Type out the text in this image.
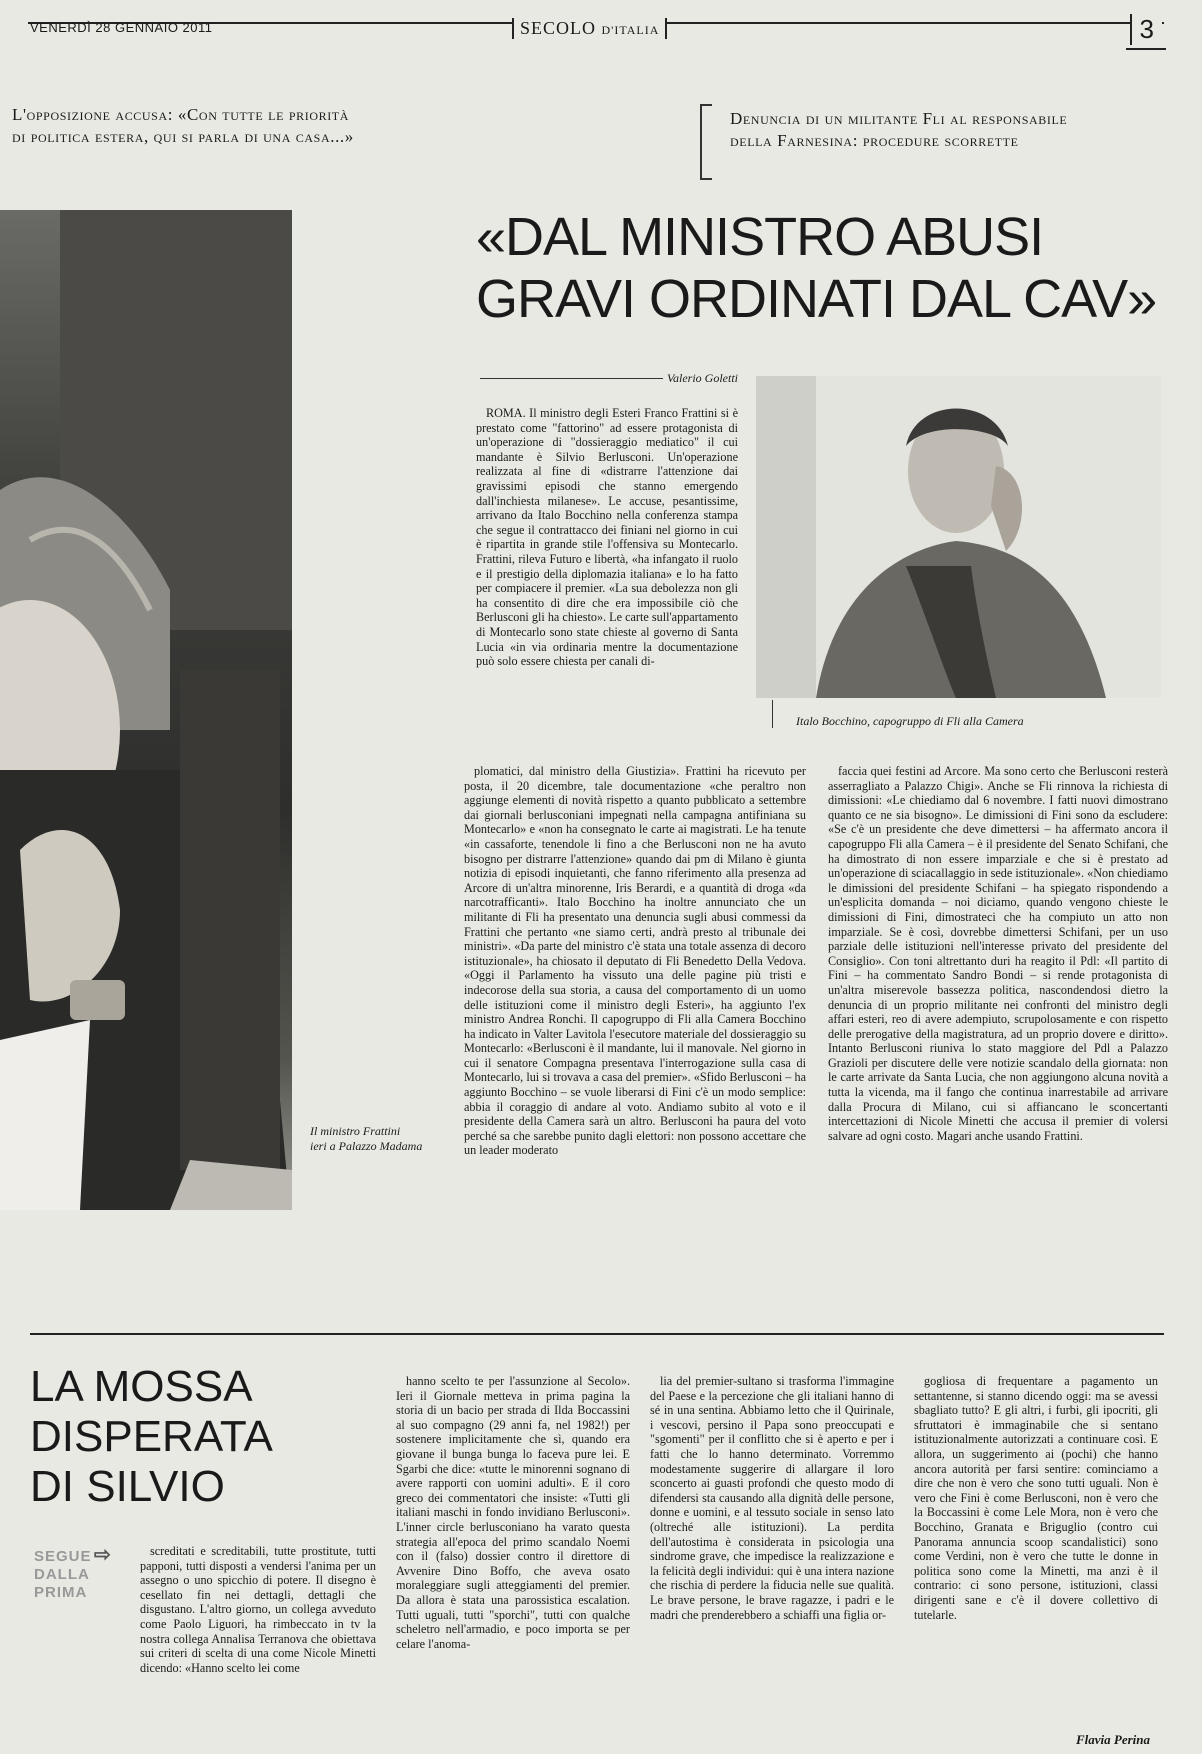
VENERDÌ 28 GENNAIO 2011	SECOLO D'ITALIA	3
L'opposizione accusa: «Con tutte le priorità
di politica estera, qui si parla di una casa...»
Denuncia di un militante Fli al responsabile
della Farnesina: procedure scorrette
Il ministro Frattini
ieri a Palazzo Madama
«DAL MINISTRO ABUSI
GRAVI ORDINATI DAL CAV»
Valerio Goletti
Italo Bocchino, capogruppo di Fli alla Camera

ROMA. Il ministro degli Esteri Franco Frattini si è prestato come "fattorino" ad essere protagonista di un'operazione di "dossieraggio mediatico" il cui mandante è Silvio Berlusconi. Un'operazione realizzata al fine di «distrarre l'attenzione dai gravissimi episodi che stanno emergendo dall'inchiesta milanese». Le accuse, pesantissime, arrivano da Italo Bocchino nella conferenza stampa che segue il contrattacco dei finiani nel giorno in cui è ripartita in grande stile l'offensiva su Montecarlo. Frattini, rileva Futuro e libertà, «ha infangato il ruolo e il prestigio della diplomazia italiana» e lo ha fatto per compiacere il premier. «La sua debolezza non gli ha consentito di dire che era impossibile ciò che Berlusconi gli ha chiesto». Le carte sull'appartamento di Montecarlo sono state chieste al governo di Santa Lucia «in via ordinaria mentre la documentazione può solo essere chiesta per canali di-

plomatici, dal ministro della Giustizia». Frattini ha ricevuto per posta, il 20 dicembre, tale documentazione «che peraltro non aggiunge elementi di novità rispetto a quanto pubblicato a settembre dai giornali berlusconiani impegnati nella campagna antifiniana su Montecarlo» e «non ha consegnato le carte ai magistrati. Le ha tenute «in cassaforte, tenendole li fino a che Berlusconi non ne ha avuto bisogno per distrarre l'attenzione» quando dai pm di Milano è giunta notizia di episodi inquietanti, che fanno riferimento alla presenza ad Arcore di un'altra minorenne, Iris Berardi, e a quantità di droga «da narcotrafficanti». Italo Bocchino ha inoltre annunciato che un militante di Fli ha presentato una denuncia sugli abusi commessi da Frattini che pertanto «ne siamo certi, andrà presto al tribunale dei ministri». «Da parte del ministro c'è stata una totale assenza di decoro istituzionale», ha chiosato il deputato di Fli Benedetto Della Vedova. «Oggi il Parlamento ha vissuto una delle pagine più tristi e indecorose della sua storia, a causa del comportamento di un uomo delle istituzioni come il ministro degli Esteri», ha aggiunto l'ex ministro Andrea Ronchi. Il capogruppo di Fli alla Camera Bocchino ha indicato in Valter Lavitola l'esecutore materiale del dossieraggio su Montecarlo: «Berlusconi è il mandante, lui il manovale. Nel giorno in cui il senatore Compagna presentava l'interrogazione sulla casa di Montecarlo, lui si trovava a casa del premier». «Sfido Berlusconi – ha aggiunto Bocchino – se vuole liberarsi di Fini c'è un modo semplice: abbia il coraggio di andare al voto. Andiamo subito al voto e il presidente della Camera sarà un altro. Berlusconi ha paura del voto perché sa che sarebbe punito dagli elettori: non possono accettare che un leader moderato

faccia quei festini ad Arcore. Ma sono certo che Berlusconi resterà asserragliato a Palazzo Chigi». Anche se Fli rinnova la richiesta di dimissioni: «Le chiediamo dal 6 novembre. I fatti nuovi dimostrano quanto ce ne sia bisogno». Le dimissioni di Fini sono da escludere: «Se c'è un presidente che deve dimettersi – ha affermato ancora il capogruppo Fli alla Camera – è il presidente del Senato Schifani, che ha dimostrato di non essere imparziale e che si è prestato ad un'operazione di sciacallaggio in sede istituzionale». «Non chiediamo le dimissioni del presidente Schifani – ha spiegato rispondendo a un'esplicita domanda – noi diciamo, quando vengono chieste le dimissioni di Fini, dimostrateci che ha compiuto un atto non imparziale. Se è così, dovrebbe dimettersi Schifani, per un uso parziale delle istituzioni nell'interesse privato del presidente del Consiglio». Con toni altrettanto duri ha reagito il Pdl: «Il partito di Fini – ha commentato Sandro Bondi – si rende protagonista di un'altra miserevole bassezza politica, nascondendosi dietro la denuncia di un proprio militante nei confronti del ministro degli affari esteri, reo di avere adempiuto, scrupolosamente e con rispetto delle prerogative della magistratura, ad un proprio dovere e diritto». Intanto Berlusconi riuniva lo stato maggiore del Pdl a Palazzo Grazioli per discutere delle vere notizie scandalo della giornata: non le carte arrivate da Santa Lucia, che non aggiungono alcuna novità a tutta la vicenda, ma il fango che continua inarrestabile ad arrivare dalla Procura di Milano, cui si affiancano le sconcertanti intercettazioni di Nicole Minetti che accusa il premier di volersi salvare ad ogni costo. Magari anche usando Frattini.

LA MOSSA
DISPERATA
DI SILVIO
SEGUE ⇨
DALLA
PRIMA

screditati e screditabili, tutte prostitute, tutti papponi, tutti disposti a vendersi l'anima per un assegno o uno spicchio di potere. Il disegno è cesellato fin nei dettagli, dettagli che disgustano. L'altro giorno, un collega avveduto come Paolo Liguori, ha rimbeccato in tv la nostra collega Annalisa Terranova che obiettava sui criteri di scelta di una come Nicole Minetti dicendo: «Hanno scelto lei come

hanno scelto te per l'assunzione al Secolo». Ieri il Giornale metteva in prima pagina la storia di un bacio per strada di Ilda Boccassini al suo compagno (29 anni fa, nel 1982!) per sostenere implicitamente che sì, quando era giovane il bunga bunga lo faceva pure lei. E Sgarbi che dice: «tutte le minorenni sognano di avere rapporti con uomini adulti». E il coro greco dei commentatori che insiste: «Tutti gli italiani maschi in fondo invidiano Berlusconi». L'inner circle berlusconiano ha varato questa strategia all'epoca del primo scandalo Noemi con il (falso) dossier contro il direttore di Avvenire Dino Boffo, che aveva osato moraleggiare sugli atteggiamenti del premier. Da allora è stata una parossistica escalation. Tutti uguali, tutti "sporchi", tutti con qualche scheletro nell'armadio, e poco importa se per celare l'anoma-

lia del premier-sultano si trasforma l'immagine del Paese e la percezione che gli italiani hanno di sé in una sentina. Abbiamo letto che il Quirinale, i vescovi, persino il Papa sono preoccupati e "sgomenti" per il conflitto che si è aperto e per i fatti che lo hanno determinato. Vorremmo modestamente suggerire di allargare il loro sconcerto ai guasti profondi che questo modo di difendersi sta causando alla dignità delle persone, donne e uomini, e al tessuto sociale in senso lato (oltreché alle istituzioni). La perdita dell'autostima è considerata in psicologia una sindrome grave, che impedisce la realizzazione e la felicità degli individui: qui è una intera nazione che rischia di perdere la fiducia nelle sue qualità. Le brave persone, le brave ragazze, i padri e le madri che prenderebbero a schiaffi una figlia or-

gogliosa di frequentare a pagamento un settantenne, si stanno dicendo oggi: ma se avessi sbagliato tutto? E gli altri, i furbi, gli ipocriti, gli sfruttatori è immaginabile che si sentano istituzionalmente autorizzati a continuare così. E allora, un suggerimento ai (pochi) che hanno ancora autorità per farsi sentire: cominciamo a dire che non è vero che sono tutti uguali. Non è vero che Fini è come Berlusconi, non è vero che la Boccassini è come Lele Mora, non è vero che Bocchino, Granata e Briguglio (contro cui Panorama annuncia scoop scandalistici) sono come Verdini, non è vero che tutte le donne in politica sono come la Minetti, ma anzi è il contrario: ci sono persone, istituzioni, classi dirigenti sane e c'è il dovere collettivo di tutelarle.

Flavia Perina
